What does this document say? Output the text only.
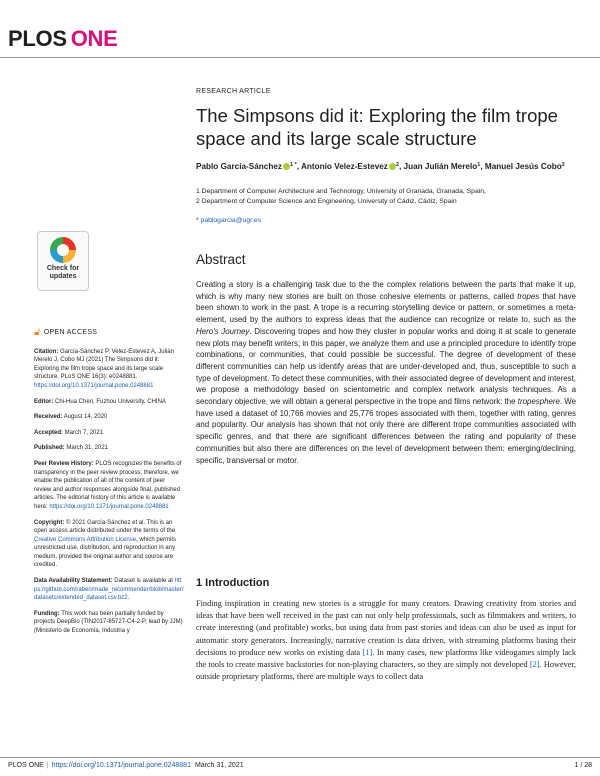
PLOS ONE
RESEARCH ARTICLE
The Simpsons did it: Exploring the film trope space and its large scale structure
Pablo García-Sánchez $^{1 *}$, Antonio Velez-Estevez $^2$, Juan Julián Merelo$^1$, Manuel Jesús Cobo$^2$
1 Department of Computer Architecture and Technology, University of Granada, Granada, Spain,
2 Department of Computer Science and Engineering, University of Cádiz, Cádiz, Spain
* pablogarcia@ugr.es
Check for
updates
Abstract
Creating a story is a challenging task due to the the complex relations between the parts that make it up, which is why many new stories are built on those cohesive elements or patterns, called tropes that have been shown to work in the past. A trope is a recurring storytelling device or pattern, or sometimes a meta-element, used by the authors to express ideas that the audience can recognize or relate to, such as the Hero's Journey. Discovering tropes and how they cluster in popular works and doing it at scale to generate new plots may benefit writers; in this paper, we analyze them and use a principled procedure to identify trope combinations, or communities, that could possible be successful. The degree of development of these different communities can help us identify areas that are under-developed and, thus, susceptible to such a type of development. To detect these communities, with their associated degree of development and interest, we propose a methodology based on scientometric and complex network analysis techniques. As a secondary objective, we will obtain a general perspective in the trope and films network: the tropesphere. We have used a dataset of 10,766 movies and 25,776 tropes associated with them, together with rating, genres and popularity. Our analysis has shown that not only there are different trope communities associated with specific genres, and that there are significant differences between the rating and popularity of these communities but also there are differences on the level of development between them: emerging/declining, specific, transversal or motor.
1 Introduction
Finding inspiration in creating new stories is a struggle for many creators. Drawing creativity from stories and ideas that have been well received in the past can not only help professionals, such as filmmakers and writers, to create interesting (and profitable) works, but using data from past stories and ideas can also be used as input for automatic story generators. Increasingly, narrative creation is data driven, with streaming platforms basing their decisions to produce new works on existing data [1]. In many cases, new platforms like videogames simply lack the tools to create massive backstories for non-playing characters, so they are simply not developed [2]. However, outside proprietary platforms, there are multiple ways to collect data
🔓︎ OPEN ACCESS
Citation: García-Sánchez P, Velez-Estevez A, Julián Merelo J, Cobo MJ (2021) The Simpsons did it: Exploring the film trope space and its large scale structure. PLoS ONE 16(3): e0248881. https://doi.org/10.1371/journal.pone.0248881
Editor: Chi-Hua Chen, Fuzhou University, CHINA
Received: August 14, 2020
Accepted: March 7, 2021
Published: March 31, 2021
Peer Review History: PLOS recognizes the benefits of transparency in the peer review process; therefore, we enable the publication of all of the content of peer review and author responses alongside final, published articles. The editorial history of this article is available here: https://doi.org/10.1371/journal.pone.0248881
Copyright: © 2021 García-Sánchez et al. This is an open access article distributed under the terms of the Creative Commons Attribution License, which permits unrestricted use, distribution, and reproduction in any medium, provided the original author and source are credited.
Data Availability Statement: Dataset is available at https://github.com/raben/made_recommender/blob/master/datasets/extended_dataset.csv.bz2.
Funding: This work has been partially funded by projects DeepBio (TIN2017-85727-C4-2-P, lead by JJM) (Ministerio de Economía, Industria y
PLOS ONE | https://doi.org/10.1371/journal.pone.0248881 March 31, 2021	1 / 28
